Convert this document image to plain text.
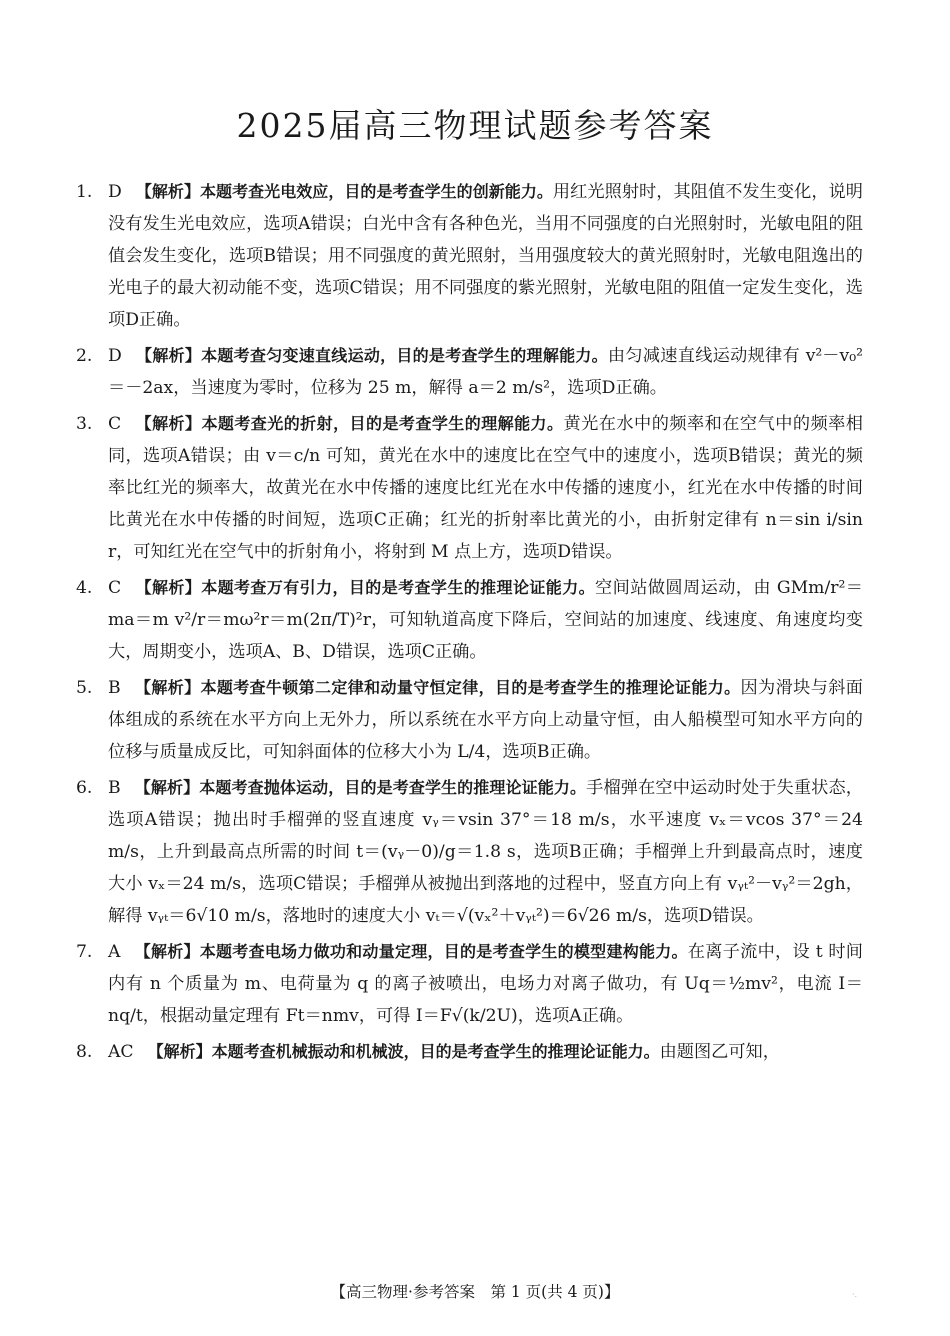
2025届高三物理试题参考答案
1. D 【解析】本题考查光电效应，目的是考查学生的创新能力。用红光照射时，其阻值不发生变化，说明没有发生光电效应，选项A错误；白光中含有各种色光，当用不同强度的白光照射时，光敏电阻的阻值会发生变化，选项B错误；用不同强度的黄光照射，当用强度较大的黄光照射时，光敏电阻逸出的光电子的最大初动能不变，选项C错误；用不同强度的紫光照射，光敏电阻的阻值一定发生变化，选项D正确。
2. D 【解析】本题考查匀变速直线运动，目的是考查学生的理解能力。由匀减速直线运动规律有 v²－v₀²＝－2ax，当速度为零时，位移为 25 m，解得 a＝2 m/s²，选项D正确。
3. C 【解析】本题考查光的折射，目的是考查学生的理解能力。黄光在水中的频率和在空气中的频率相同，选项A错误；由 v＝c/n 可知，黄光在水中的速度比在空气中的速度小，选项B错误；黄光的频率比红光的频率大，故黄光在水中传播的速度比红光在水中传播的速度小，红光在水中传播的时间比黄光在水中传播的时间短，选项C正确；红光的折射率比黄光的小，由折射定律有 n＝sin i/sin r，可知红光在空气中的折射角小，将射到 M 点上方，选项D错误。
4. C 【解析】本题考查万有引力，目的是考查学生的推理论证能力。空间站做圆周运动，由 GMm/r²＝ma＝m v²/r＝mω²r＝m(2π/T)²r，可知轨道高度下降后，空间站的加速度、线速度、角速度均变大，周期变小，选项A、B、D错误，选项C正确。
5. B 【解析】本题考查牛顿第二定律和动量守恒定律，目的是考查学生的推理论证能力。因为滑块与斜面体组成的系统在水平方向上无外力，所以系统在水平方向上动量守恒，由人船模型可知水平方向的位移与质量成反比，可知斜面体的位移大小为 L/4，选项B正确。
6. B 【解析】本题考查抛体运动，目的是考查学生的推理论证能力。手榴弹在空中运动时处于失重状态，选项A错误；抛出时手榴弹的竖直速度 vᵧ＝vsin 37°＝18 m/s，水平速度 vₓ＝vcos 37°＝24 m/s，上升到最高点所需的时间 t＝(vᵧ－0)/g＝1.8 s，选项B正确；手榴弹上升到最高点时，速度大小 vₓ＝24 m/s，选项C错误；手榴弹从被抛出到落地的过程中，竖直方向上有 vᵧₜ²－vᵧ²＝2gh，解得 vᵧₜ＝6√10 m/s，落地时的速度大小 vₜ＝√(vₓ²＋vᵧₜ²)＝6√26 m/s，选项D错误。
7. A 【解析】本题考查电场力做功和动量定理，目的是考查学生的模型建构能力。在离子流中，设 t 时间内有 n 个质量为 m、电荷量为 q 的离子被喷出，电场力对离子做功，有 Uq＝½mv²，电流 I＝nq/t，根据动量定理有 Ft＝nmv，可得 I＝F√(k/2U)，选项A正确。
8. AC 【解析】本题考查机械振动和机械波，目的是考查学生的推理论证能力。由题图乙可知，
【高三物理·参考答案　第 1 页(共 4 页)】	·.
